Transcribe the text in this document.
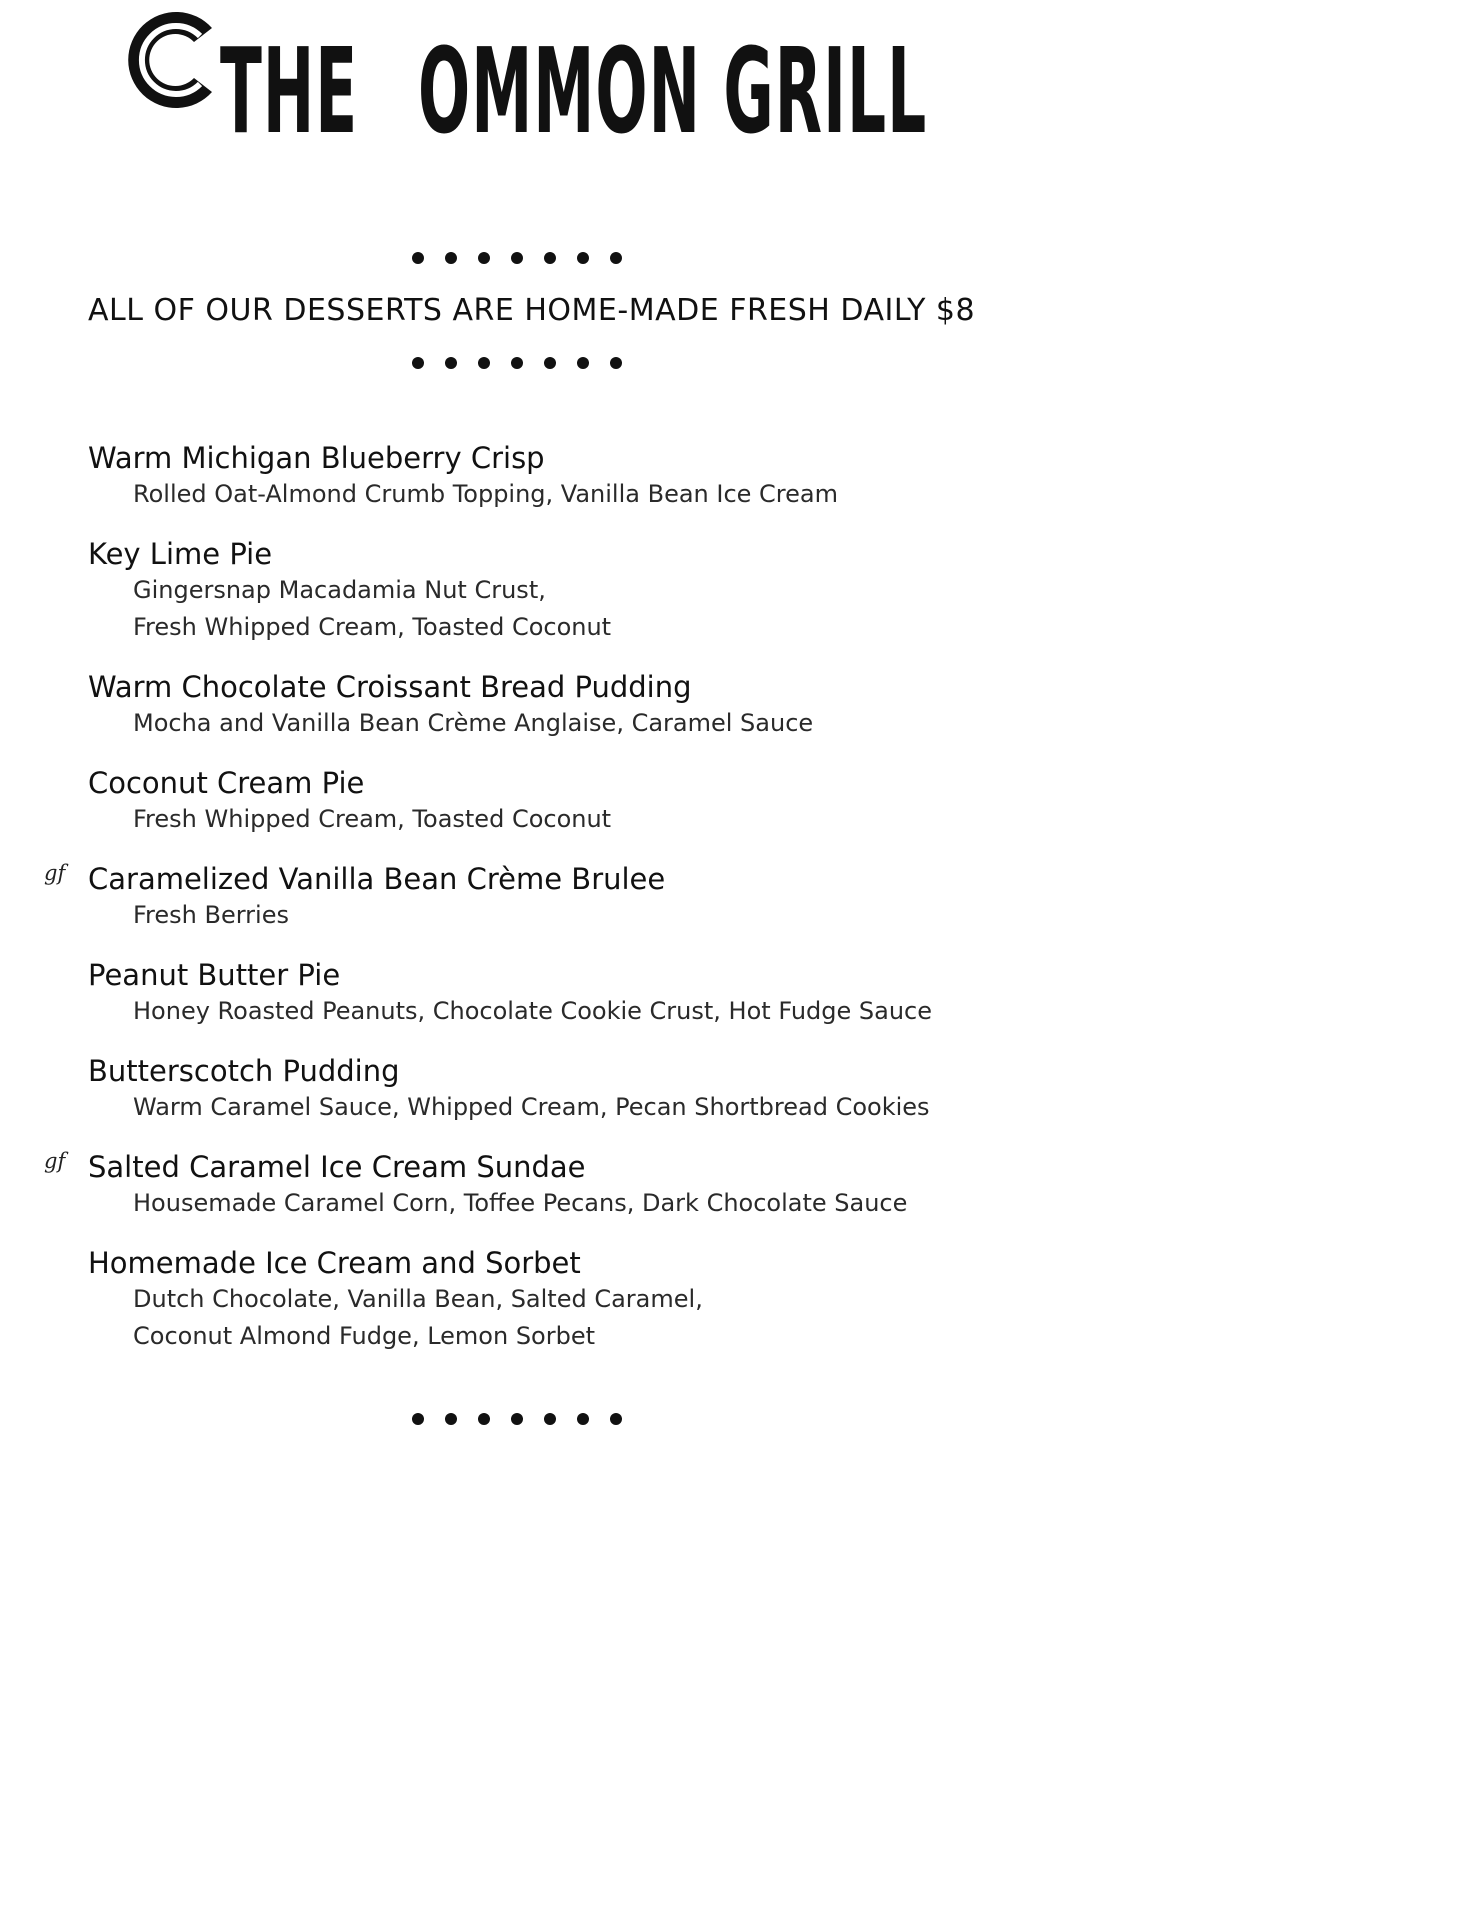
THE OMMON GRILL
ALL OF OUR DESSERTS ARE HOME-MADE FRESH DAILY $8
Warm Michigan Blueberry Crisp
Rolled Oat-Almond Crumb Topping, Vanilla Bean Ice Cream
Key Lime Pie
Gingersnap Macadamia Nut Crust,
Fresh Whipped Cream, Toasted Coconut
Warm Chocolate Croissant Bread Pudding
Mocha and Vanilla Bean Crème Anglaise, Caramel Sauce
Coconut Cream Pie
Fresh Whipped Cream, Toasted Coconut
gf Caramelized Vanilla Bean Crème Brulee
Fresh Berries
Peanut Butter Pie
Honey Roasted Peanuts, Chocolate Cookie Crust, Hot Fudge Sauce
Butterscotch Pudding
Warm Caramel Sauce, Whipped Cream, Pecan Shortbread Cookies
gf Salted Caramel Ice Cream Sundae
Housemade Caramel Corn, Toffee Pecans, Dark Chocolate Sauce
Homemade Ice Cream and Sorbet
Dutch Chocolate, Vanilla Bean, Salted Caramel,
Coconut Almond Fudge, Lemon Sorbet
